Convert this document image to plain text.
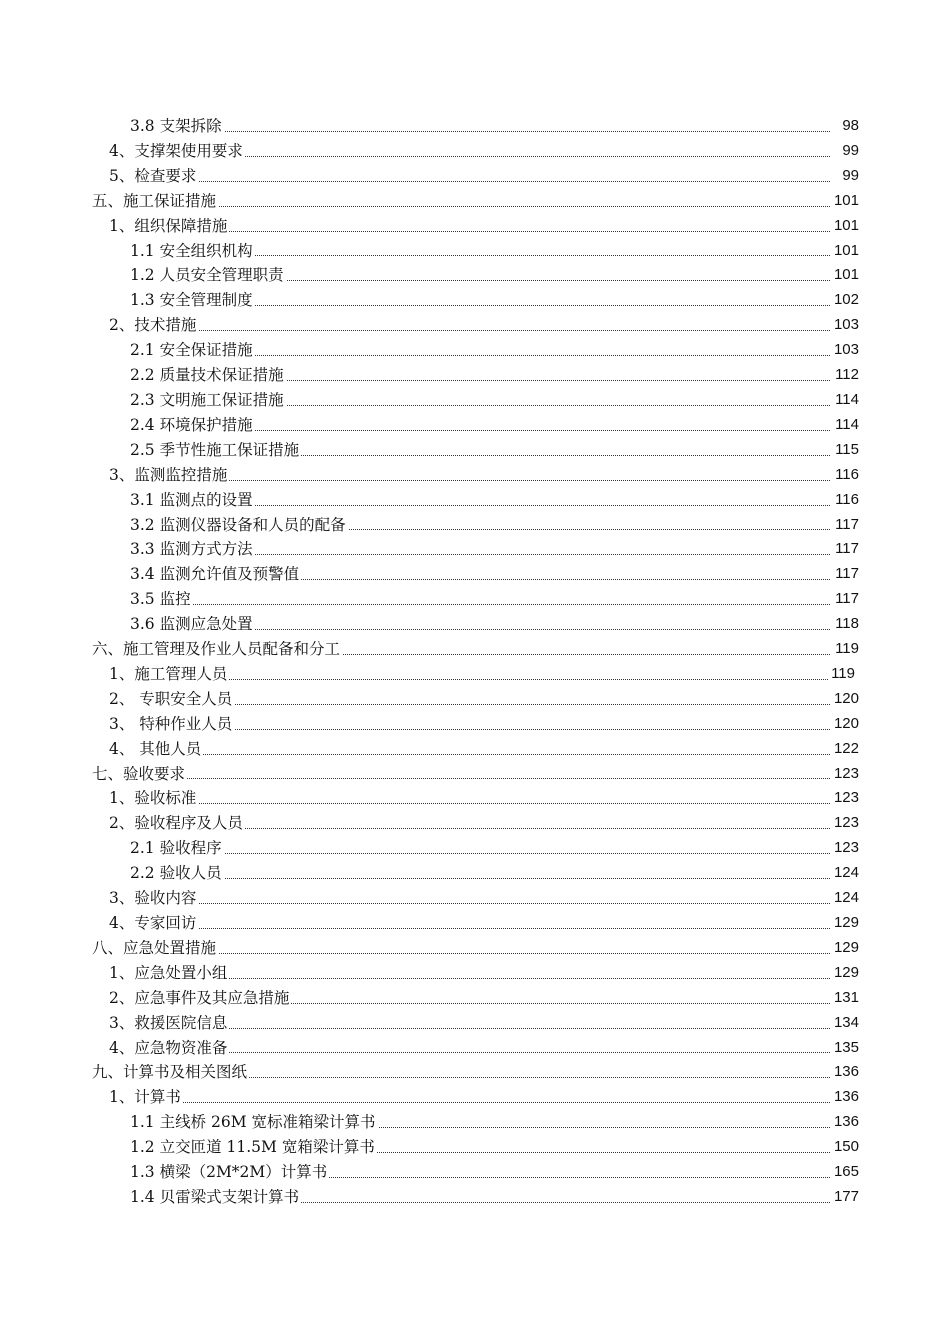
3.8 支架拆除	98
4、支撑架使用要求	99
5、检查要求	99
五、施工保证措施	101
1、组织保障措施	101
1.1 安全组织机构	101
1.2 人员安全管理职责	101
1.3 安全管理制度	102
2、技术措施	103
2.1 安全保证措施	103
2.2 质量技术保证措施	112
2.3 文明施工保证措施	114
2.4 环境保护措施	114
2.5 季节性施工保证措施	115
3、监测监控措施	116
3.1 监测点的设置	116
3.2 监测仪器设备和人员的配备	117
3.3 监测方式方法	117
3.4 监测允许值及预警值	117
3.5 监控	117
3.6 监测应急处置	118
六、施工管理及作业人员配备和分工	119
1、施工管理人员	119
2、 专职安全人员	120
3、 特种作业人员	120
4、 其他人员	122
七、验收要求	123
1、验收标准	123
2、验收程序及人员	123
2.1 验收程序	123
2.2 验收人员	124
3、验收内容	124
4、专家回访	129
八、应急处置措施	129
1、应急处置小组	129
2、应急事件及其应急措施	131
3、救援医院信息	134
4、应急物资准备	135
九、计算书及相关图纸	136
1、计算书	136
1.1 主线桥 26M 宽标准箱梁计算书	136
1.2 立交匝道 11.5M 宽箱梁计算书	150
1.3 横梁（2M*2M）计算书	165
1.4 贝雷梁式支架计算书	177
